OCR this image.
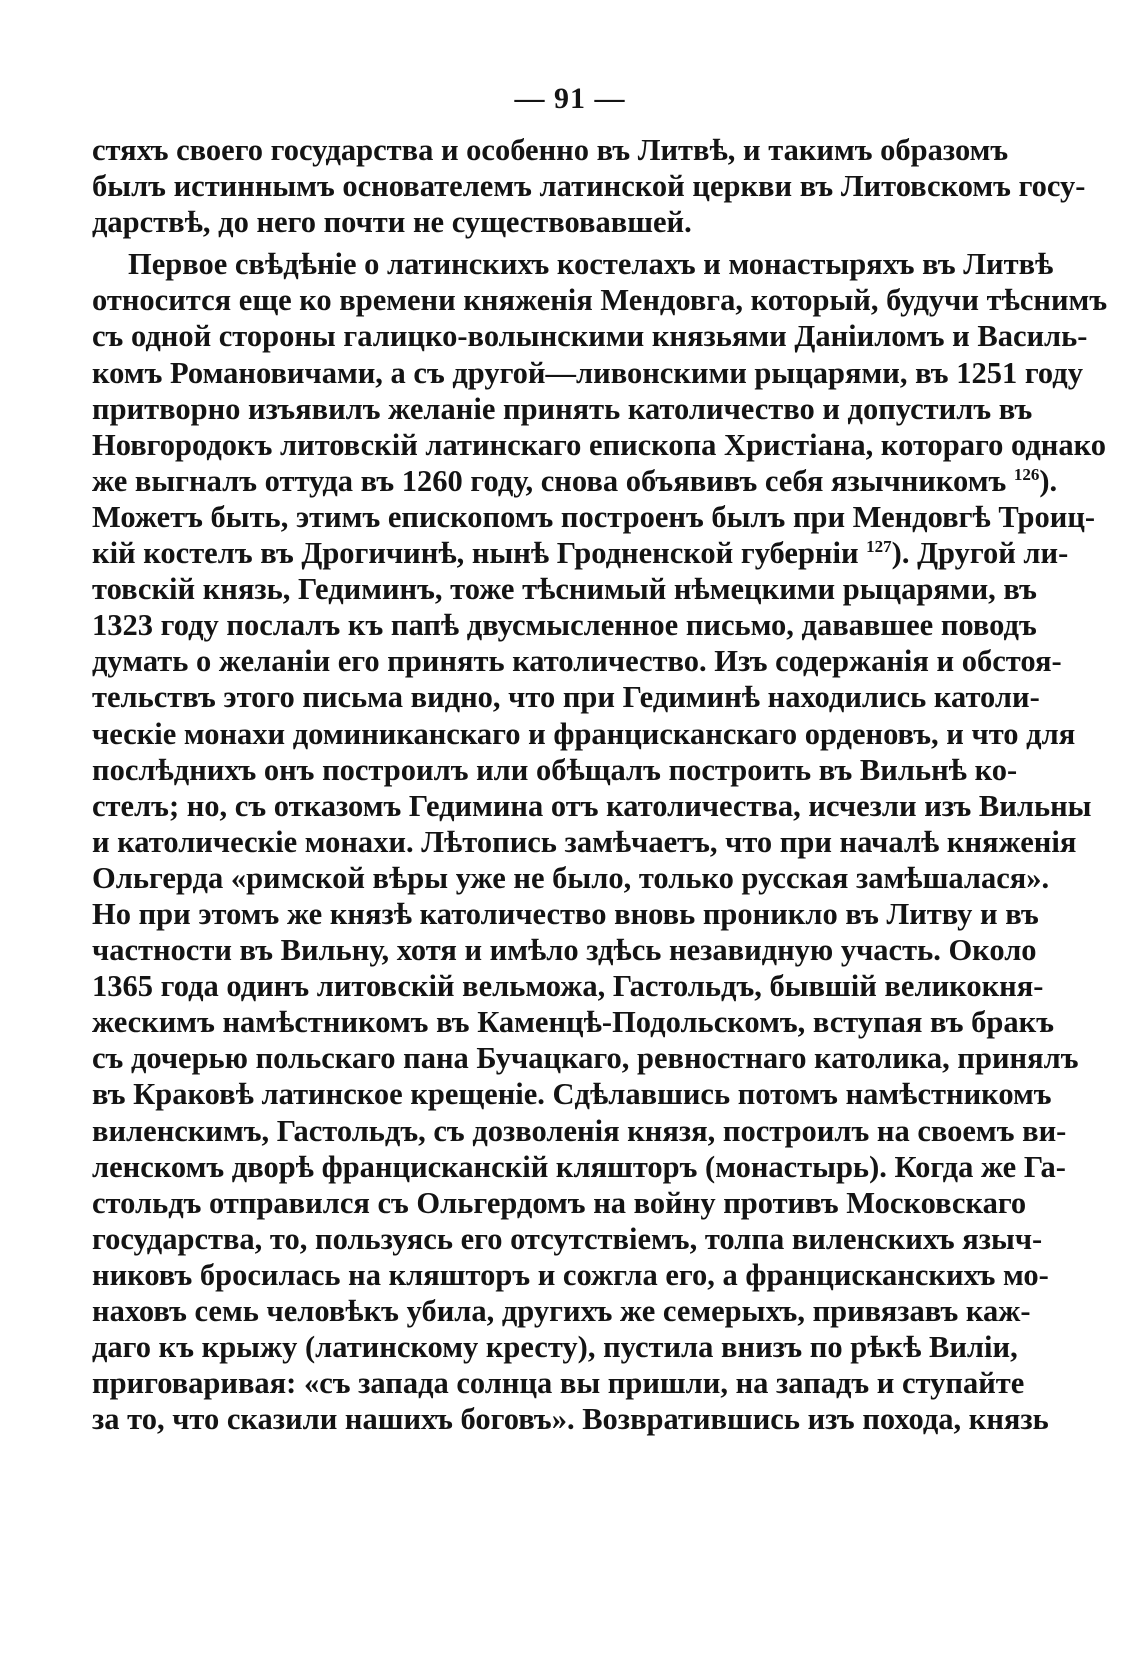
— 91 —
стяхъ своего государства и особенно въ Литвѣ, и такимъ образомъ
былъ истиннымъ основателемъ латинской церкви въ Литовскомъ госу-
дарствѣ, до него почти не существовавшей.
Первое свѣдѣніе о латинскихъ костелахъ и монастыряхъ въ Литвѣ
относится еще ко времени княженія Мендовга, который, будучи тѣснимъ
съ одной стороны галицко-волынскими князьями Даніиломъ и Василь-
комъ Романовичами, а съ другой—ливонскими рыцарями, въ 1251 году
притворно изъявилъ желаніе принять католичество и допустилъ въ
Новгородокъ литовскій латинскаго епископа Христіана, котораго однако
же выгналъ оттуда въ 1260 году, снова объявивъ себя язычникомъ $^{126}$).
Можетъ быть, этимъ епископомъ построенъ былъ при Мендовгѣ Троиц-
кій костелъ въ Дрогичинѣ, нынѣ Гродненской губерніи $^{127}$). Другой ли-
товскій князь, Гедиминъ, тоже тѣснимый нѣмецкими рыцарями, въ
1323 году послалъ къ папѣ двусмысленное письмо, дававшее поводъ
думать о желаніи его принять католичество. Изъ содержанія и обстоя-
тельствъ этого письма видно, что при Гедиминѣ находились католи-
ческіе монахи доминиканскаго и францисканскаго орденовъ, и что для
послѣднихъ онъ построилъ или обѣщалъ построить въ Вильнѣ ко-
стелъ; но, съ отказомъ Гедимина отъ католичества, исчезли изъ Вильны
и католическіе монахи. Лѣтопись замѣчаетъ, что при началѣ княженія
Ольгерда «римской вѣры уже не было, только русская замѣшалася».
Но при этомъ же князѣ католичество вновь проникло въ Литву и въ
частности въ Вильну, хотя и имѣло здѣсь незавидную участь. Около
1365 года одинъ литовскій вельможа, Гастольдъ, бывшій великокня-
жескимъ намѣстникомъ въ Каменцѣ-Подольскомъ, вступая въ бракъ
съ дочерью польскаго пана Бучацкаго, ревностнаго католика, принялъ
въ Краковѣ латинское крещеніе. Сдѣлавшись потомъ намѣстникомъ
виленскимъ, Гастольдъ, съ дозволенія князя, построилъ на своемъ ви-
ленскомъ дворѣ францисканскій кляшторъ (монастырь). Когда же Га-
стольдъ отправился съ Ольгердомъ на войну противъ Московскаго
государства, то, пользуясь его отсутствіемъ, толпа виленскихъ языч-
никовъ бросилась на кляшторъ и сожгла его, а францисканскихъ мо-
наховъ семь человѣкъ убила, другихъ же семерыхъ, привязавъ каж-
даго къ крыжу (латинскому кресту), пустила внизъ по рѣкѣ Виліи,
приговаривая: «съ запада солнца вы пришли, на западъ и ступайте
за то, что сказили нашихъ боговъ». Возвратившись изъ похода, князь
